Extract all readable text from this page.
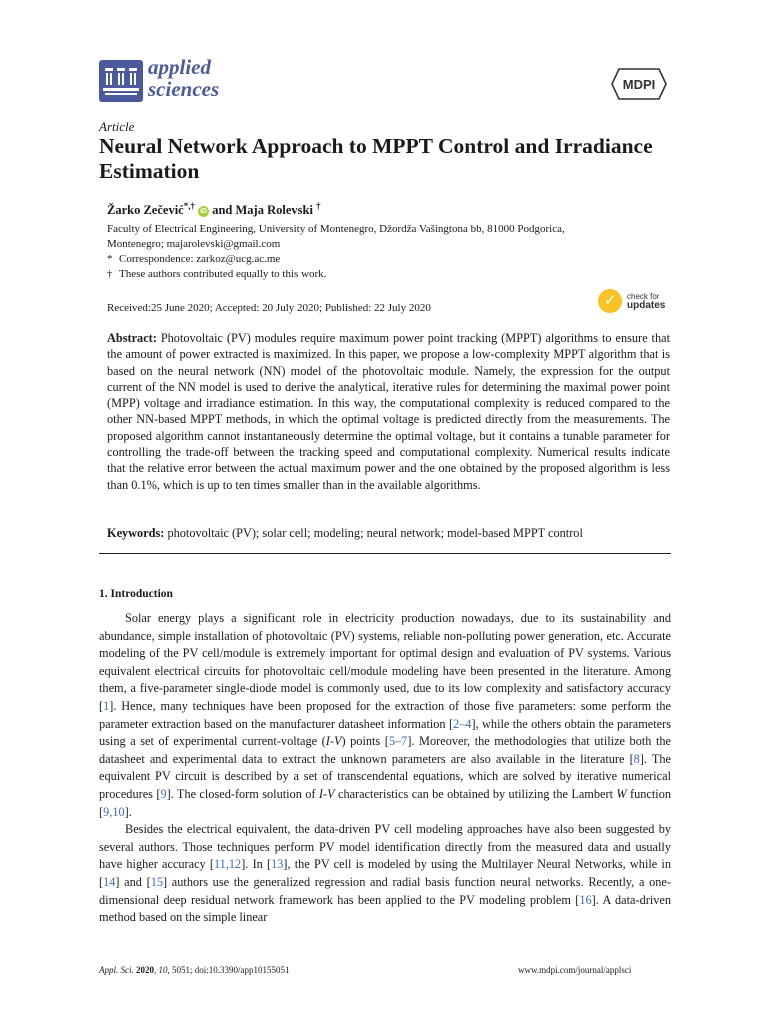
applied
sciences	MDPI
Article
Neural Network Approach to MPPT Control and Irradiance Estimation
Žarko Zečević*,† iD and Maja Rolevski †
Faculty of Electrical Engineering, University of Montenegro, Džordža Vašingtona bb, 81000 Podgorica,
Montenegro; majarolevski@gmail.com
* Correspondence: zarkoz@ucg.ac.me
† These authors contributed equally to this work.
Received:25 June 2020; Accepted: 20 July 2020; Published: 22 July 2020
✓
check for
updates
Abstract: Photovoltaic (PV) modules require maximum power point tracking (MPPT) algorithms to ensure that the amount of power extracted is maximized. In this paper, we propose a low-complexity MPPT algorithm that is based on the neural network (NN) model of the photovoltaic module. Namely, the expression for the output current of the NN model is used to derive the analytical, iterative rules for determining the maximal power point (MPP) voltage and irradiance estimation. In this way, the computational complexity is reduced compared to the other NN-based MPPT methods, in which the optimal voltage is predicted directly from the measurements. The proposed algorithm cannot instantaneously determine the optimal voltage, but it contains a tunable parameter for controlling the trade-off between the tracking speed and computational complexity. Numerical results indicate that the relative error between the actual maximum power and the one obtained by the proposed algorithm is less than 0.1%, which is up to ten times smaller than in the available algorithms.
Keywords: photovoltaic (PV); solar cell; modeling; neural network; model-based MPPT control
1. Introduction

Solar energy plays a significant role in electricity production nowadays, due to its sustainability and abundance, simple installation of photovoltaic (PV) systems, reliable non-polluting power generation, etc. Accurate modeling of the PV cell/module is extremely important for optimal design and evaluation of PV systems. Various equivalent electrical circuits for photovoltaic cell/module modeling have been presented in the literature. Among them, a five-parameter single-diode model is commonly used, due to its low complexity and satisfactory accuracy [1]. Hence, many techniques have been proposed for the extraction of those five parameters: some perform the parameter extraction based on the manufacturer datasheet information [2–4], while the others obtain the parameters using a set of experimental current-voltage (I-V) points [5–7]. Moreover, the methodologies that utilize both the datasheet and experimental data to extract the unknown parameters are also available in the literature [8]. The equivalent PV circuit is described by a set of transcendental equations, which are solved by iterative numerical procedures [9]. The closed-form solution of I-V characteristics can be obtained by utilizing the Lambert W function [9,10].

Besides the electrical equivalent, the data-driven PV cell modeling approaches have also been suggested by several authors. Those techniques perform PV model identification directly from the measured data and usually have higher accuracy [11,12]. In [13], the PV cell is modeled by using the Multilayer Neural Networks, while in [14] and [15] authors use the generalized regression and radial basis function neural networks. Recently, a one-dimensional deep residual network framework has been applied to the PV modeling problem [16]. A data-driven method based on the simple linear

Appl. Sci. 2020, 10, 5051; doi:10.3390/app10155051	www.mdpi.com/journal/applsci
